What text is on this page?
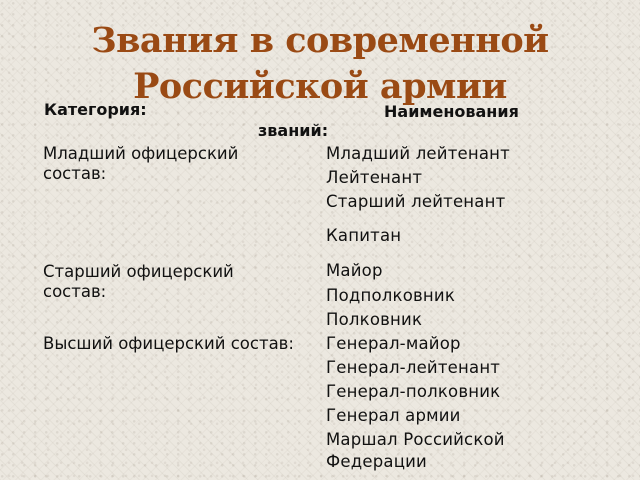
Звания в современной Российской армии
Категория:	Наименования
званий:
Младший офицерский
состав:
Старший офицерский
состав:
Высший офицерский состав:
Младший лейтенант
Лейтенант
Старший лейтенант
Капитан
Майор
Подполковник
Полковник
Генерал-майор
Генерал-лейтенант
Генерал-полковник
Генерал армии
Маршал Российской
Федерации
